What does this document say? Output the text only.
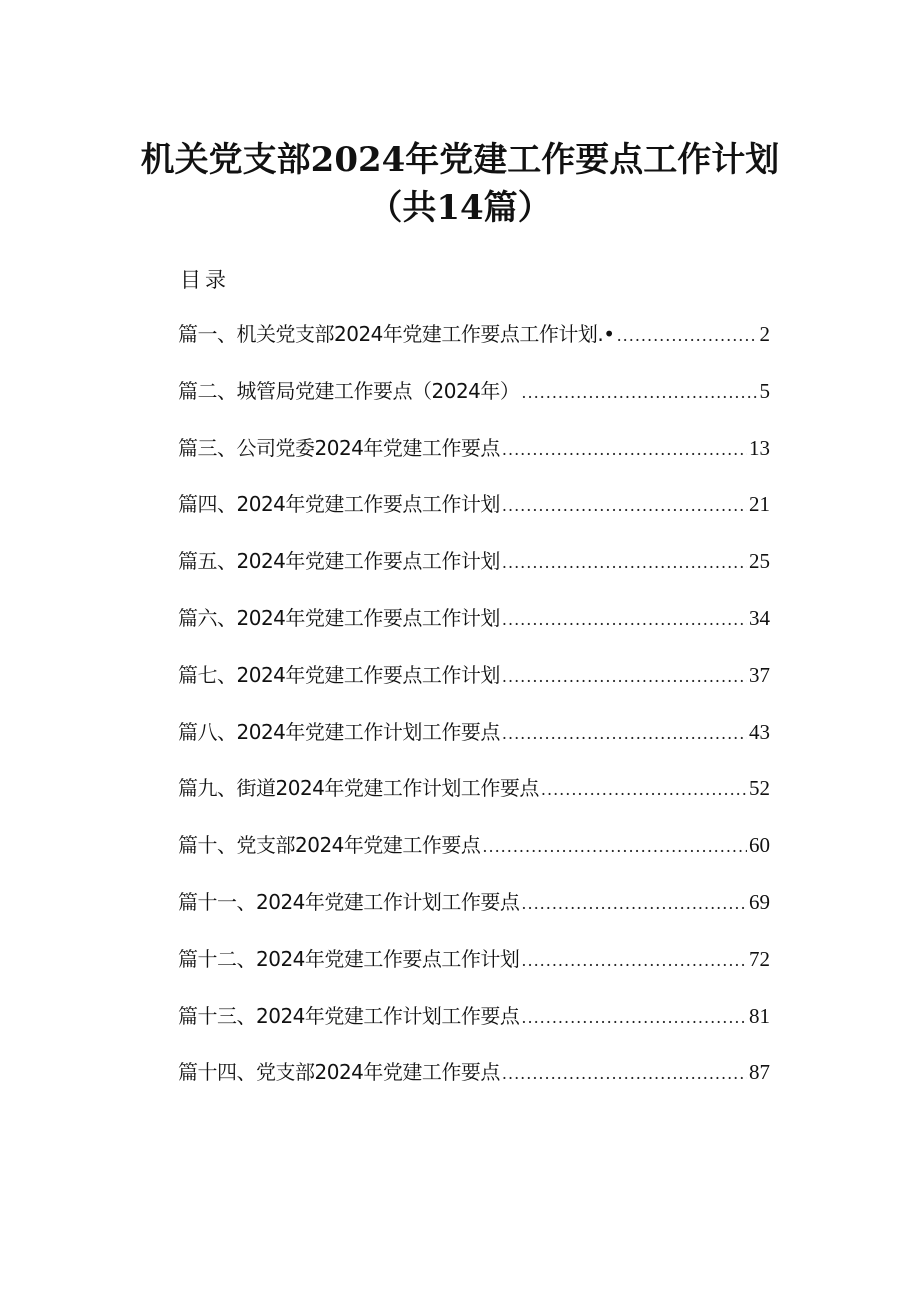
机关党支部2024年党建工作要点工作计划
（共14篇）
目录
篇一、机关党支部2024年党建工作要点工作计划.• .....	2
篇二、城管局党建工作要点（2024年） .....	5
篇三、公司党委2024年党建工作要点 .....	13
篇四、2024年党建工作要点工作计划 .....	21
篇五、2024年党建工作要点工作计划 .....	25
篇六、2024年党建工作要点工作计划 .....	34
篇七、2024年党建工作要点工作计划 .....	37
篇八、2024年党建工作计划工作要点 .....	43
篇九、街道2024年党建工作计划工作要点 .....	52
篇十、党支部2024年党建工作要点 .....	60
篇十一、2024年党建工作计划工作要点 .....	69
篇十二、2024年党建工作要点工作计划 .....	72
篇十三、2024年党建工作计划工作要点 .....	81
篇十四、党支部2024年党建工作要点 .....	87
